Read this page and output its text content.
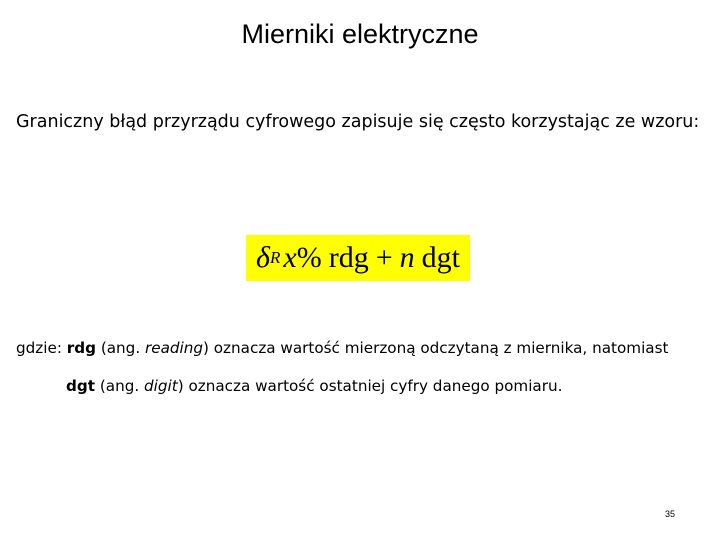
Mierniki elektryczne
Graniczny błąd przyrządu cyfrowego zapisuje się często korzystając ze wzoru:
δ R x % rdg + n dgt
gdzie: rdg (ang. reading) oznacza wartość mierzoną odczytaną z miernika, natomiast
dgt (ang. digit) oznacza wartość ostatniej cyfry danego pomiaru.
35
